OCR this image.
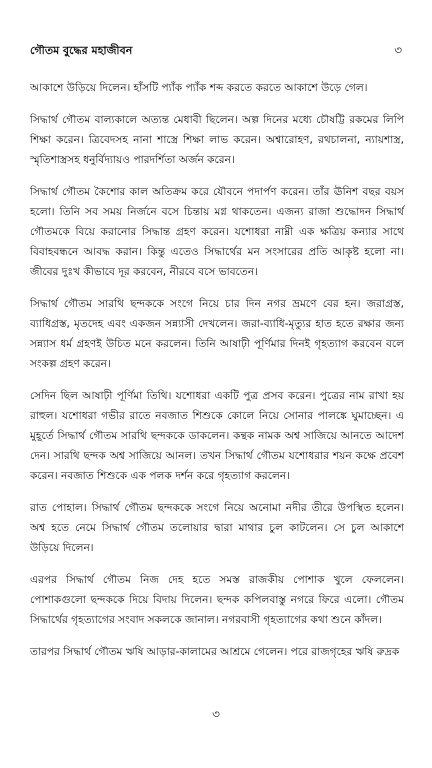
গৌতম বুদ্ধের মহাজীবন	৩

আকাশে উড়িয়ে দিলেন। হাঁসটি প্যাঁক প্যাঁক শব্দ করতে করতে আকাশে উড়ে গেল।

সিদ্ধার্থ গৌতম বাল্যকালে অত্যন্ত মেধাবী ছিলেন। অল্প দিনের মধ্যে চৌষট্টি রকমের লিপি শিক্ষা করেন। ত্রিবেদসহ নানা শাস্ত্রে শিক্ষা লাভ করেন। অশ্বারোহণ, রথচালনা, ন্যায়শাস্ত্র, স্মৃতিশাস্ত্রসহ ধনুর্বিদ্যায়ও পারদর্শিতা অর্জন করেন।

সিদ্ধার্থ গৌতম কৈশোর কাল অতিক্রম করে যৌবনে পদার্পণ করেন। তাঁর ঊনিশ বছর বয়স হলো। তিনি সব সময় নির্জনে বসে চিন্তায় মগ্ন থাকতেন। এজন্য রাজা শুদ্ধোদন সিদ্ধার্থ গৌতমকে বিয়ে করানোর সিদ্ধান্ত গ্রহণ করেন। যশোধরা নাম্নী এক ক্ষত্রিয় কন্যার সাথে বিবাহবন্ধনে আবদ্ধ করান। কিন্তু এতেও সিদ্ধার্থের মন সংসারের প্রতি আকৃষ্ট হলো না। জীবের দুঃখ কীভাবে দূর করবেন, নীরবে বসে ভাবতেন।

সিদ্ধার্থ গৌতম সারথি ছন্দককে সংগে নিয়ে চার দিন নগর ভ্রমণে বের হন। জরাগ্রস্ত, ব্যাধিগ্রস্ত, মৃতদেহ এবং একজন সন্ন্যাসী দেখলেন। জরা-ব্যাধি-মৃত্যুর হাত হতে রক্ষার জন্য সন্ন্যাস ধর্ম গ্রহণই উচিত মনে করলেন। তিনি আষাঢ়ী পূর্ণিমার দিনই গৃহত্যাগ করবেন বলে সংকল্প গ্রহণ করেন।

সেদিন ছিল আষাঢ়ী পূর্ণিমা তিথি। যশোধরা একটি পুত্র প্রসব করেন। পুত্রের নাম রাখা হয় রাহুল। যশোধরা গভীর রাতে নবজাত শিশুকে কোলে নিয়ে সোনার পালঙ্কে ঘুমাচ্ছেন। এ মুহূর্তে সিদ্ধার্থ গৌতম সারথি ছন্দককে ডাকলেন। কন্থক নামক অশ্ব সাজিয়ে আনতে আদেশ দেন। সারথি ছন্দক অশ্ব সাজিয়ে আনল। তখন সিদ্ধার্থ গৌতম যশোধরার শয়ন কক্ষে প্রবেশ করেন। নবজাত শিশুকে এক পলক দর্শন করে গৃহত্যাগ করলেন।

রাত পোহাল। সিদ্ধার্থ গৌতম ছন্দককে সংগে নিয়ে অনোমা নদীর তীরে উপস্থিত হলেন। অশ্ব হতে নেমে সিদ্ধার্থ গৌতম তলোয়ার দ্বারা মাথার চুল কাটলেন। সে চুল আকাশে উড়িয়ে দিলেন।

এরপর সিদ্ধার্থ গৌতম নিজ দেহ হতে সমস্ত রাজকীয় পোশাক খুলে ফেললেন। পোশাকগুলো ছন্দককে দিয়ে বিদায় দিলেন। ছন্দক কপিলবাস্তু নগরে ফিরে এলো। গৌতম সিদ্ধার্থের গৃহত্যাগের সংবাদ সকলকে জানাল। নগরবাসী গৃহত্যাগের কথা শুনে কাঁদল।

তারপর সিদ্ধার্থ গৌতম ঋষি আড়ার-কালামের আশ্রমে গেলেন। পরে রাজগৃহের ঋষি রুদ্রক

৩
